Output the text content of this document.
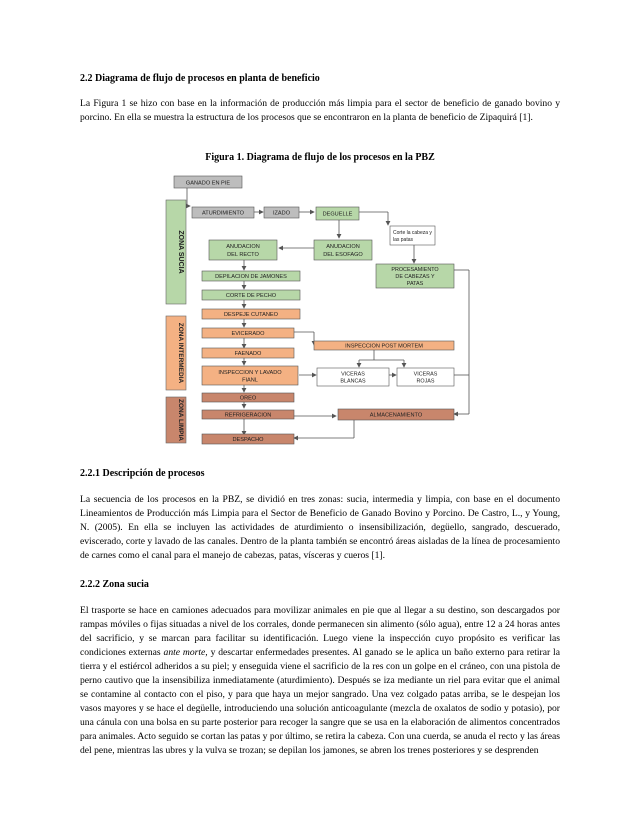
2.2 Diagrama de flujo de procesos en planta de beneficio
La Figura 1 se hizo con base en la información de producción más limpia para el sector de beneficio de ganado bovino y porcino. En ella se muestra la estructura de los procesos que se encontraron en la planta de beneficio de Zipaquirá [1].
Figura 1. Diagrama de flujo de los procesos en la PBZ
ZONA SUCIA
ZONA INTERMEDIA
ZONA LIMPIA
GANADO EN PIE
ATURDIMIENTO	IZADO	DEGUELLE
Corte la cabeza y
las patas
ANUDACION
DEL RECTO
ANUDACION
DEL ESOFAGO
PROCESAMIENTO
DE CABEZAS Y
PATAS
DEPILACION DE JAMONES
CORTE DE PECHO
DESPEJE CUTANEO
EVICERADO
FAENADO
INSPECCION POST MORTEM
INSPECCION Y LAVADO
FIANL
VICERAS
BLANCAS
VICERAS
ROJAS
OREO
REFRIGERACION	ALMACENAMIENTO
DESPACHO
2.2.1 Descripción de procesos
La secuencia de los procesos en la PBZ, se dividió en tres zonas: sucia, intermedia y limpia, con base en el documento Lineamientos de Producción más Limpia para el Sector de Beneficio de Ganado Bovino y Porcino. De Castro, L., y Young, N. (2005). En ella se incluyen las actividades de aturdimiento o insensibilización, degüello, sangrado, descuerado, eviscerado, corte y lavado de las canales. Dentro de la planta también se encontró áreas aisladas de la línea de procesamiento de carnes como el canal para el manejo de cabezas, patas, vísceras y cueros [1].
2.2.2 Zona sucia
El trasporte se hace en camiones adecuados para movilizar animales en pie que al llegar a su destino, son descargados por rampas móviles o fijas situadas a nivel de los corrales, donde permanecen sin alimento (sólo agua), entre 12 a 24 horas antes del sacrificio, y se marcan para facilitar su identificación. Luego viene la inspección cuyo propósito es verificar las condiciones externas ante morte, y descartar enfermedades presentes. Al ganado se le aplica un baño externo para retirar la tierra y el estiércol adheridos a su piel; y enseguida viene el sacrificio de la res con un golpe en el cráneo, con una pistola de perno cautivo que la insensibiliza inmediatamente (aturdimiento). Después se iza mediante un riel para evitar que el animal se contamine al contacto con el piso, y para que haya un mejor sangrado. Una vez colgado patas arriba, se le despejan los vasos mayores y se hace el degüelle, introduciendo una solución anticoagulante (mezcla de oxalatos de sodio y potasio), por una cánula con una bolsa en su parte posterior para recoger la sangre que se usa en la elaboración de alimentos concentrados para animales. Acto seguido se cortan las patas y por último, se retira la cabeza. Con una cuerda, se anuda el recto y las áreas del pene, mientras las ubres y la vulva se trozan; se depilan los jamones, se abren los trenes posteriores y se desprenden
